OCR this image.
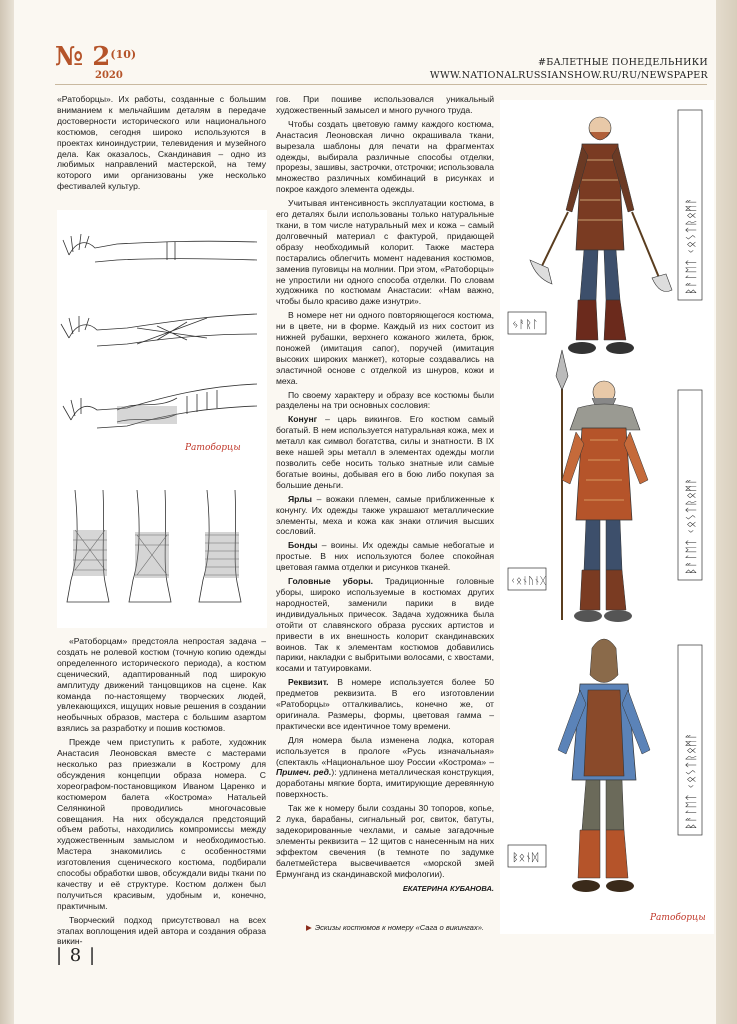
№ 2$^{(10)}$
2020
#БАЛЕТНЫЕ ПОНЕДЕЛЬНИКИ
WWW.NATIONALRUSSIANSHOW.RU/RU/NEWSPAPER

«Ратоборцы». Их работы, созданные с большим вниманием к мельчайшим деталям в передаче достоверности исторического или национального костюмов, сегодня широко используются в проектах киноиндустрии, телевидения и музейного дела. Как оказалось, Скандинавия – одно из любимых направлений мастерской, на тему которого ими организованы уже несколько фестивалей культур.

Ратоборцы

«Ратоборцам» предстояла непростая задача – создать не ролевой костюм (точную копию одежды определенного исторического периода), а костюм сценический, адаптированный под широкую амплитуду движений танцовщиков на сцене. Как команда по-настоящему творческих людей, увлекающихся, ищущих новые решения в создании необычных образов, мастера с большим азартом взялись за разработку и пошив костюмов.

Прежде чем приступить к работе, художник Анастасия Леоновская вместе с мастерами несколько раз приезжали в Кострому для обсуждения концепции образа номера. С хореографом-постановщиком Иваном Царенко и костюмером балета «Кострома» Натальей Селянкиной проводились многочасовые совещания. На них обсуждался предстоящий объем работы, находились компромиссы между художественным замыслом и необходимостью. Мастера знакомились с особенностями изготовления сценического костюма, подбирали способы обработки швов, обсуждали виды ткани по качеству и её структуре. Костюм должен был получиться красивым, удобным и, конечно, практичным.

Творческий подход присутствовал на всех этапах воплощения идей автора и создания образа викин-

гов. При пошиве использовался уникальный художественный замысел и много ручного труда.

Чтобы создать цветовую гамму каждого костюма, Анастасия Леоновская лично окрашивала ткани, вырезала шаблоны для печати на фрагментах одежды, выбирала различные способы отделки, прорезы, зашивы, застрочки, отстрочки; использовала множество различных комбинаций в рисунках и покрое каждого элемента одежды.

Учитывая интенсивность эксплуатации костюма, в его деталях были использованы только натуральные ткани, в том числе натуральный мех и кожа – самый долговечный материал с фактурой, придающей образу необходимый колорит. Также мастера постарались облегчить момент надевания костюмов, заменив пуговицы на молнии. При этом, «Ратоборцы» не упростили ни одного способа отделки. По словам художника по костюмам Анастасии: «Нам важно, чтобы было красиво даже изнутри».

В номере нет ни одного повторяющегося костюма, ни в цвете, ни в форме. Каждый из них состоит из нижней рубашки, верхнего кожаного жилета, брюк, поножей (имитация сапог), поручей (имитация высоких широких манжет), которые создавались на эластичной основе с отделкой из шнуров, кожи и меха.

По своему характеру и образу все костюмы были разделены на три основных сословия:

Конунг – царь викингов. Его костюм самый богатый. В нем используется натуральная кожа, мех и металл как символ богатства, силы и знатности. В IX веке нашей эры металл в элементах одежды могли позволить себе носить только знатные или самые богатые воины, добывая его в бою либо покупая за большие деньги.

Ярлы – вожаки племен, самые приближенные к конунгу. Их одежды также украшают металлические элементы, меха и кожа как знаки отличия высших сословий.

Бонды – воины. Их одежды самые небогатые и простые. В них используются более спокойная цветовая гамма отделки и рисунков тканей.

Головные уборы. Традиционные головные уборы, широко используемые в костюмах других народностей, заменили парики в виде индивидуальных причесок. Задача художника была отойти от славянского образа русских артистов и привести в их внешность колорит скандинавских воинов. Так к элементам костюмов добавились парики, накладки с выбритыми волосами, с хвостами, косами и татуировками.

Реквизит. В номере используется более 50 предметов реквизита. В его изготовлении «Ратоборцы» отталкивались, конечно же, от оригинала. Размеры, формы, цветовая гамма – практически все идентичное тому времени.

Для номера была изменена лодка, которая используется в прологе «Русь изначальная» (спектакль «Национальное шоу России «Кострома» – Примеч. ред.): удлинена металлическая конструкция, доработаны мягкие борта, имитирующие деревянную поверхность.

Так же к номеру были созданы 30 топоров, копье, 2 лука, барабаны, сигнальный рог, свиток, батуты, задекорированные чехлами, и самые загадочные элементы реквизита – 12 щитов с нанесенным на них эффектом свечения (в темноте по задумке балетмейстера высвечивается «морской змей Ёрмунганд из скандинавской мифологии).

ЕКАТЕРИНА КУБАНОВА.
▶ Эскизы костюмов к номеру «Сага о викингах».
| 8 |
ᛒᚨᛚᛖᛏ ᚲᛟᛊᛏᚱᛟᛗᚨ
ᛒᚨᛚᛖᛏ ᚲᛟᛊᛏᚱᛟᛗᚨ
ᛒᚨᛚᛖᛏ ᚲᛟᛊᛏᚱᛟᛗᚨ
ᛃᚨᚱᛚ
ᚲᛟᚾᚢᚾᚷ
ᛒᛟᚾᛞ
Ратоборцы
